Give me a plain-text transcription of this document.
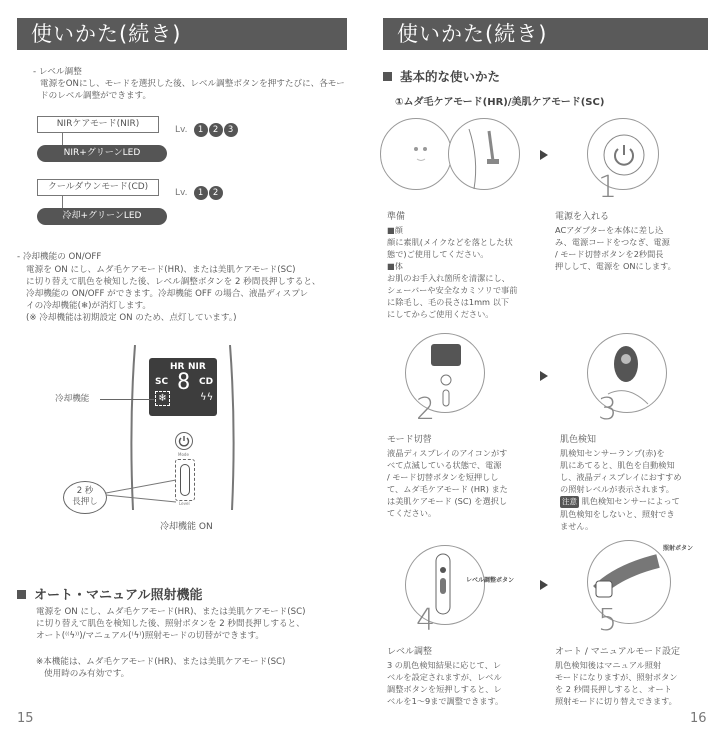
使いかた(続き)
- レベル調整
電源をONにし、モードを選択した後、レベル調整ボタンを押すたびに、各モードのレベル調整ができます。
NIRケアモード(NIR)
Lv. 1 2 3
NIR+グリーンLED
クールダウンモード(CD)
Lv. 1 2
冷却+グリーンLED
- 冷却機能の ON/OFF
電源を ON にし、ムダ毛ケアモード(HR)、または美肌ケアモード(SC)
に切り替えて肌色を検知した後、レベル調整ボタンを 2 秒間長押しすると、
冷却機能の ON/OFF ができます。冷却機能 OFF の場合、液晶ディスプレ
イの冷却機能(❄)が消灯します。
(※ 冷却機能は初期設定 ON のため、点灯しています。)
HR NIR
SC	CD
8
❄	ϟϟ
冷却機能
Mode
Level
2 秒
長押し
冷却機能 ON
オート・マニュアル照射機能
電源を ON にし、ムダ毛ケアモード(HR)、または美肌ケアモード(SC)
に切り替えて肌色を検知した後、照射ボタンを 2 秒間長押しすると、
オート(⁽⁽ϟ⁾⁾)/マニュアル(⁽ϟ⁾)照射モードの切替ができます。
※本機能は、ムダ毛ケアモード(HR)、または美肌ケアモード(SC)
使用時のみ有効です。
15
使いかた(続き)
基本的な使いかた
①ムダ毛ケアモード(HR)/美肌ケアモード(SC)
1
準備
■顔
顔に素肌(メイクなどを落とした状
態で)ご使用してください。
■体
お肌のお手入れ箇所を清潔にし、
シェーバーや安全なカミソリで事前
に除毛し、毛の長さは1mm 以下
にしてからご使用ください。
電源を入れる
ACアダプターを本体に差し込
み、電源コードをつなぎ、電源
/ モード切替ボタンを2秒間長
押しして、電源を ONにします。
2	3
モード切替
液晶ディスプレイのアイコンがす
べて点滅している状態で、電源
/ モード切替ボタンを短押しし
て、ムダ毛ケアモード (HR) また
は美肌ケアモード (SC) を選択し
てください。
肌色検知
肌検知センサーランプ(赤)を
肌にあてると、肌色を自動検知
し、液晶ディスプレイにおすすめ
の照射レベルが表示されます。
注意 肌色検知センサーによって
肌色検知をしないと、照射でき
ません。
レベル調整ボタン
4
照射ボタン
5
レベル調整
3 の肌色検知結果に応じて、レ
ベルを設定されますが、レベル
調整ボタンを短押しすると、レ
ベルを1〜9まで調整できます。
オート / マニュアルモード設定
肌色検知後はマニュアル照射
モードになりますが、照射ボタン
を 2 秒間長押しすると、オート
照射モードに切り替えできます。
16
